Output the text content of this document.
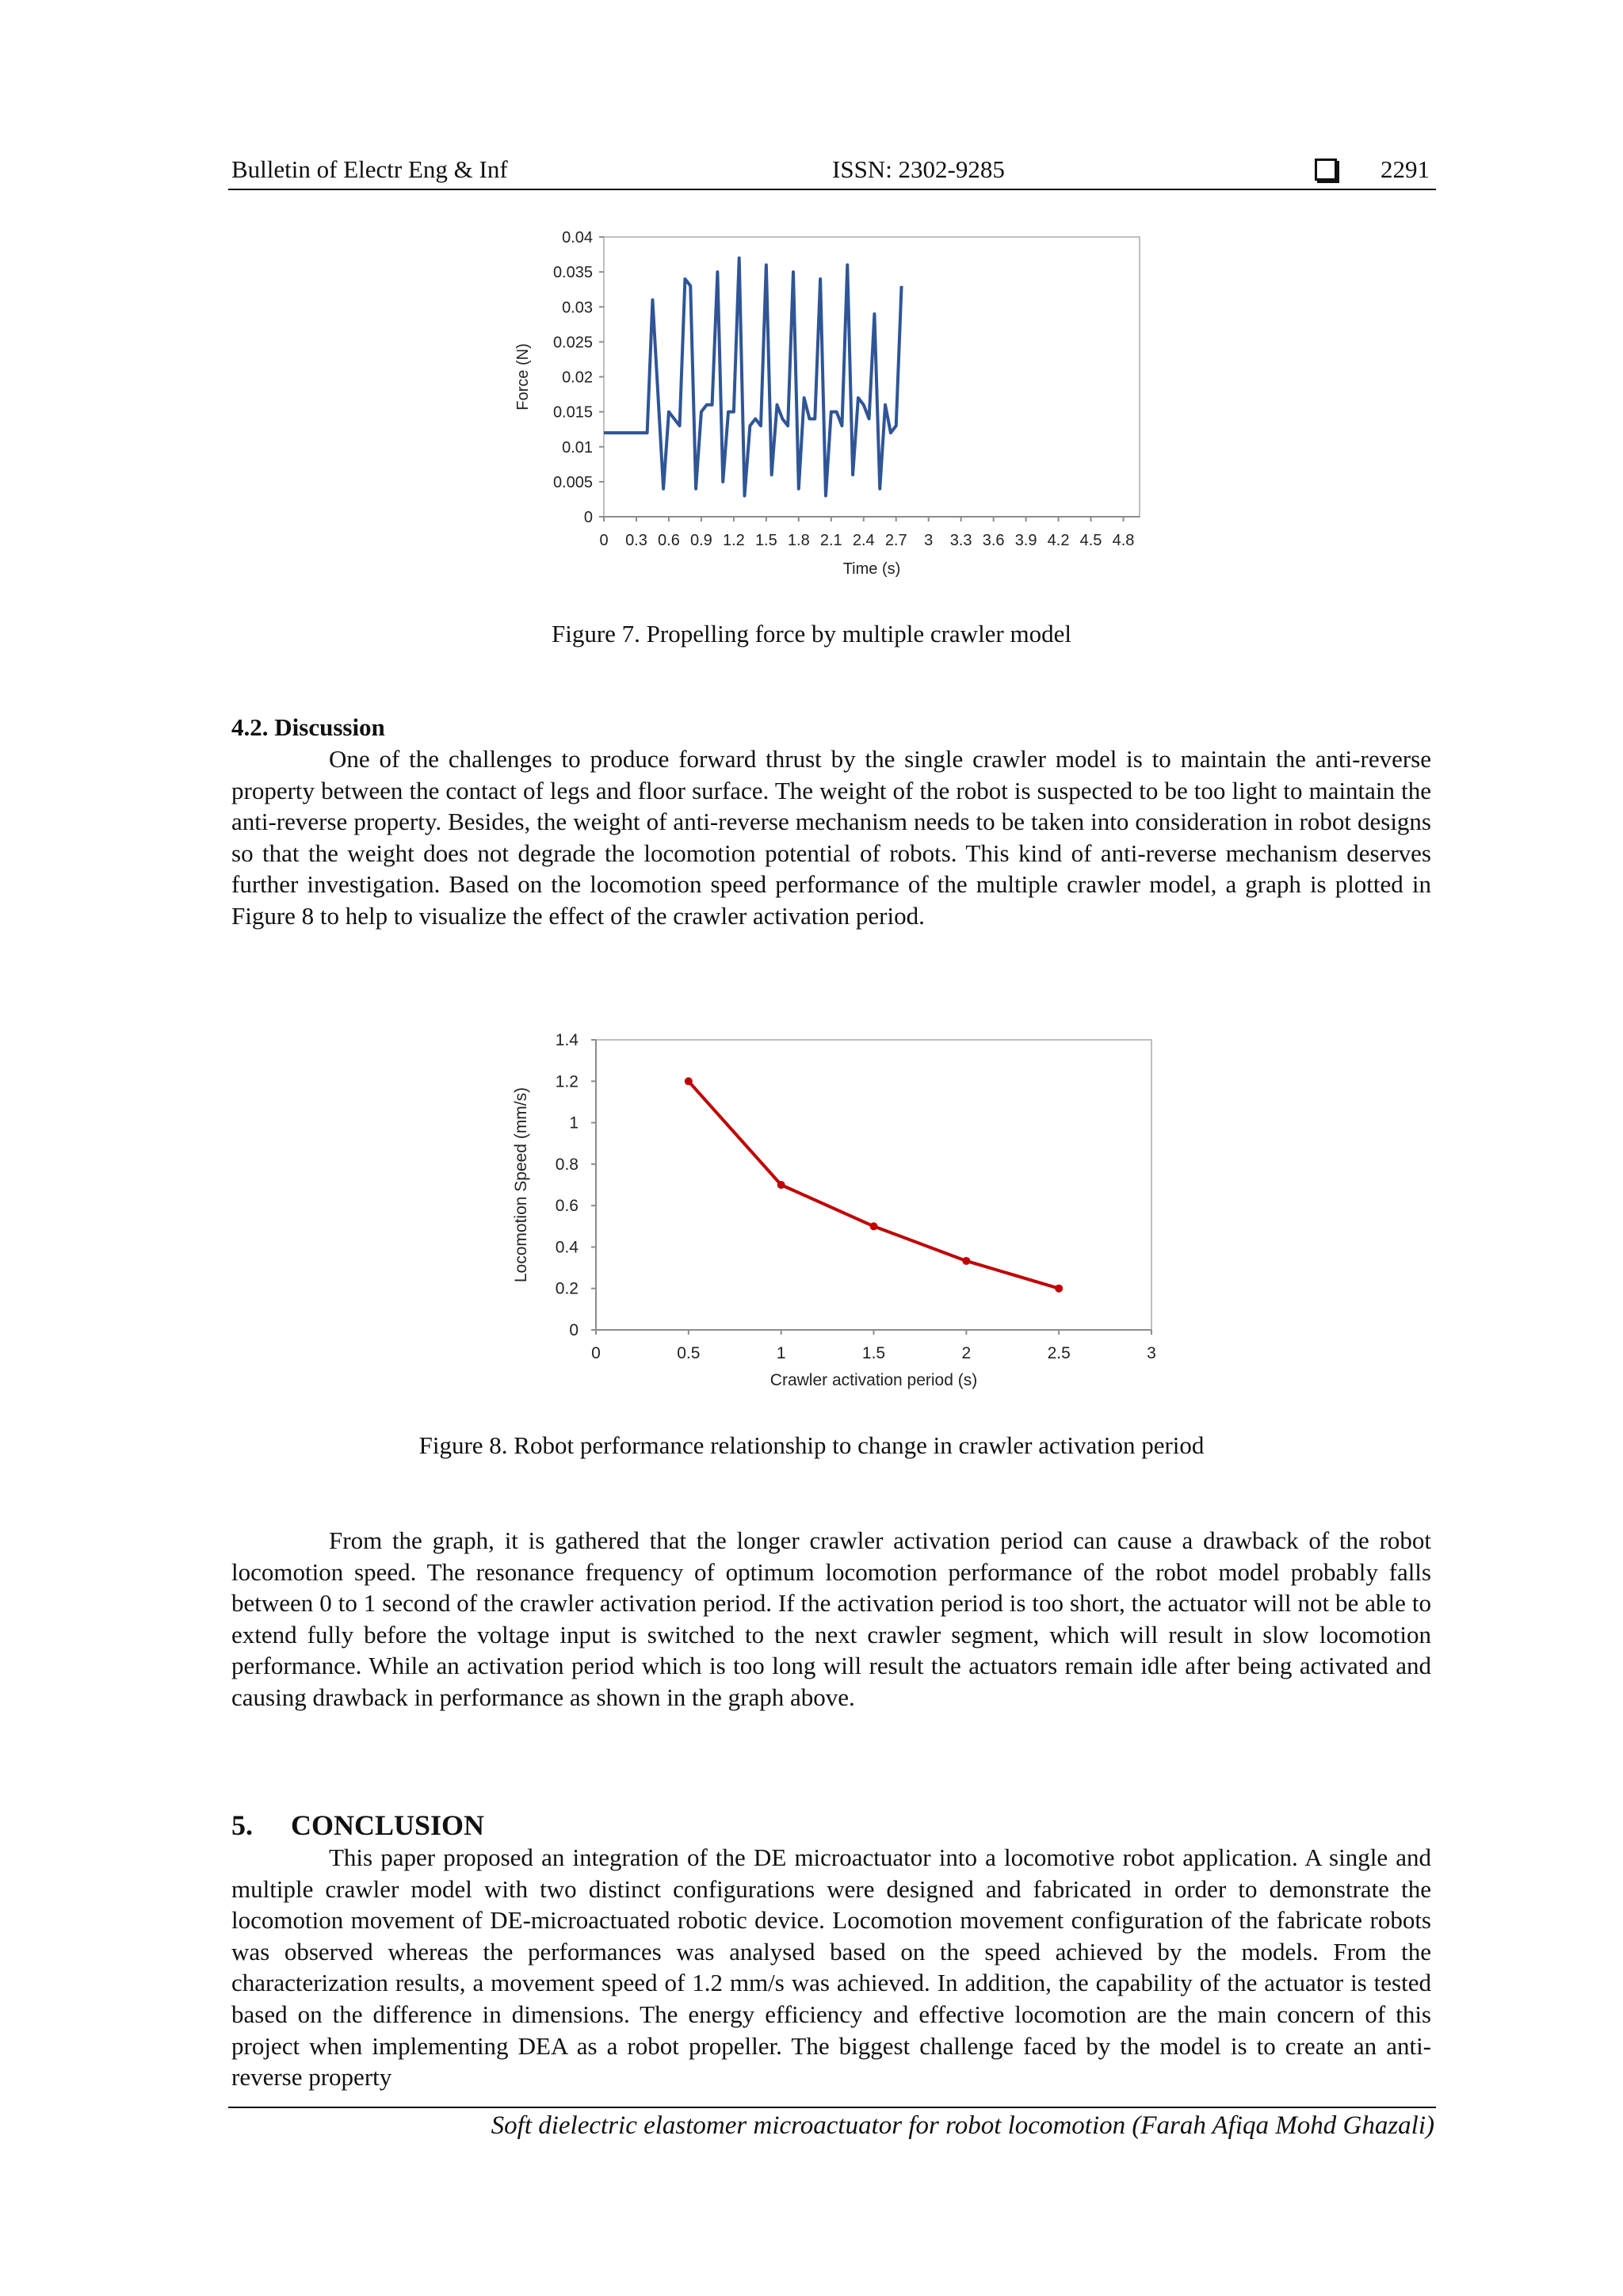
Bulletin of Electr Eng & Inf	ISSN: 2302-9285	2291
0
0.005
0.01
0.015
0.02
0.025
0.03
0.035
0.04
0 0.3 0.6 0.9 1.2 1.5 1.8 2.1 2.4 2.7 3 3.3 3.6 3.9 4.2 4.5 4.8
Time (s)
Force (N)
Figure 7. Propelling force by multiple crawler model
4.2. Discussion

One of the challenges to produce forward thrust by the single crawler model is to maintain the anti-reverse property between the contact of legs and floor surface. The weight of the robot is suspected to be too light to maintain the anti-reverse property. Besides, the weight of anti-reverse mechanism needs to be taken into consideration in robot designs so that the weight does not degrade the locomotion potential of robots. This kind of anti-reverse mechanism deserves further investigation. Based on the locomotion speed performance of the multiple crawler model, a graph is plotted in Figure 8 to help to visualize the effect of the crawler activation period.

0
0.2
0.4
0.6
0.8
1
1.2
1.4
0	0.5	1	1.5	2	2.5	3
Crawler activation period (s)
Locomotion Speed (mm/s)
Figure 8. Robot performance relationship to change in crawler activation period

From the graph, it is gathered that the longer crawler activation period can cause a drawback of the robot locomotion speed. The resonance frequency of optimum locomotion performance of the robot model probably falls between 0 to 1 second of the crawler activation period. If the activation period is too short, the actuator will not be able to extend fully before the voltage input is switched to the next crawler segment, which will result in slow locomotion performance. While an activation period which is too long will result the actuators remain idle after being activated and causing drawback in performance as shown in the graph above.

5. CONCLUSION

This paper proposed an integration of the DE microactuator into a locomotive robot application. A single and multiple crawler model with two distinct configurations were designed and fabricated in order to demonstrate the locomotion movement of DE-microactuated robotic device. Locomotion movement configuration of the fabricate robots was observed whereas the performances was analysed based on the speed achieved by the models. From the characterization results, a movement speed of 1.2 mm/s was achieved. In addition, the capability of the actuator is tested based on the difference in dimensions. The energy efficiency and effective locomotion are the main concern of this project when implementing DEA as a robot propeller. The biggest challenge faced by the model is to create an anti-reverse property

Soft dielectric elastomer microactuator for robot locomotion (Farah Afiqa Mohd Ghazali)
